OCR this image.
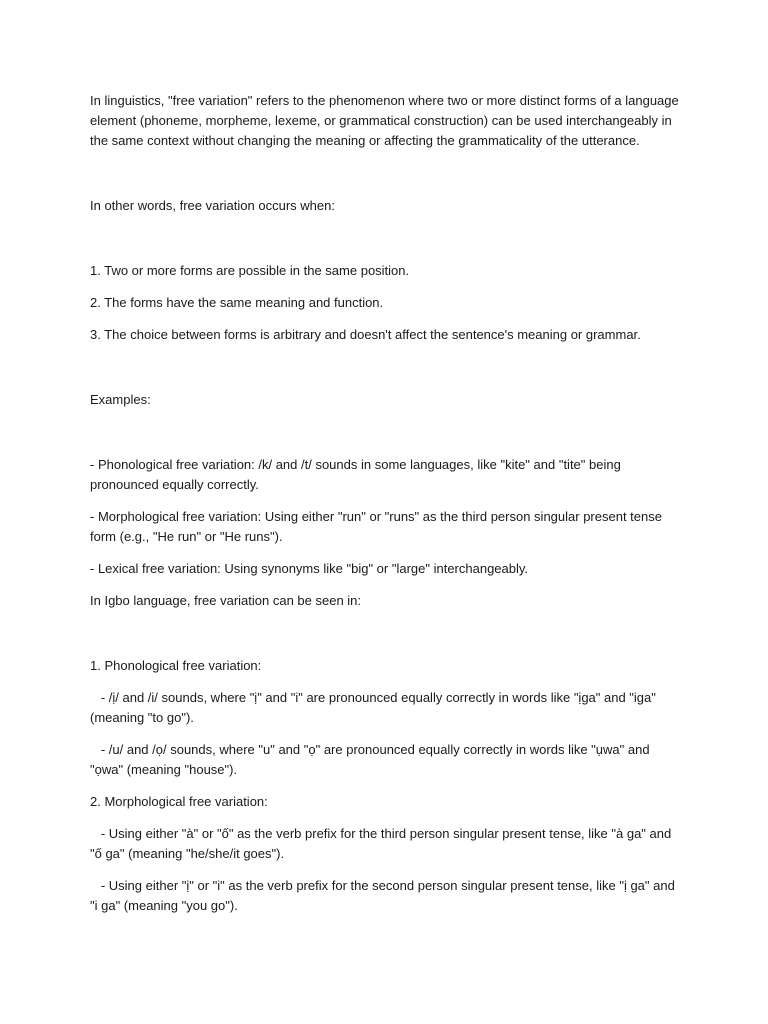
In linguistics, "free variation" refers to the phenomenon where two or more distinct forms of a language element (phoneme, morpheme, lexeme, or grammatical construction) can be used interchangeably in the same context without changing the meaning or affecting the grammaticality of the utterance.

In other words, free variation occurs when:

1. Two or more forms are possible in the same position.

2. The forms have the same meaning and function.

3. The choice between forms is arbitrary and doesn't affect the sentence's meaning or grammar.

Examples:

- Phonological free variation: /k/ and /t/ sounds in some languages, like "kite" and "tite" being pronounced equally correctly.

- Morphological free variation: Using either "run" or "runs" as the third person singular present tense form (e.g., "He run" or "He runs").

- Lexical free variation: Using synonyms like "big" or "large" interchangeably.

In Igbo language, free variation can be seen in:

1. Phonological free variation:

- /ị/ and /i/ sounds, where "ị" and "i" are pronounced equally correctly in words like "ịga" and "iga" (meaning "to go").

- /u/ and /ọ/ sounds, where "u" and "ọ" are pronounced equally correctly in words like "ụwa" and "ọwa" (meaning "house").

2. Morphological free variation:

- Using either "à" or "ố" as the verb prefix for the third person singular present tense, like "à ga" and "ố ga" (meaning "he/she/it goes").

- Using either "ị" or "i" as the verb prefix for the second person singular present tense, like "ị ga" and "i ga" (meaning "you go").
